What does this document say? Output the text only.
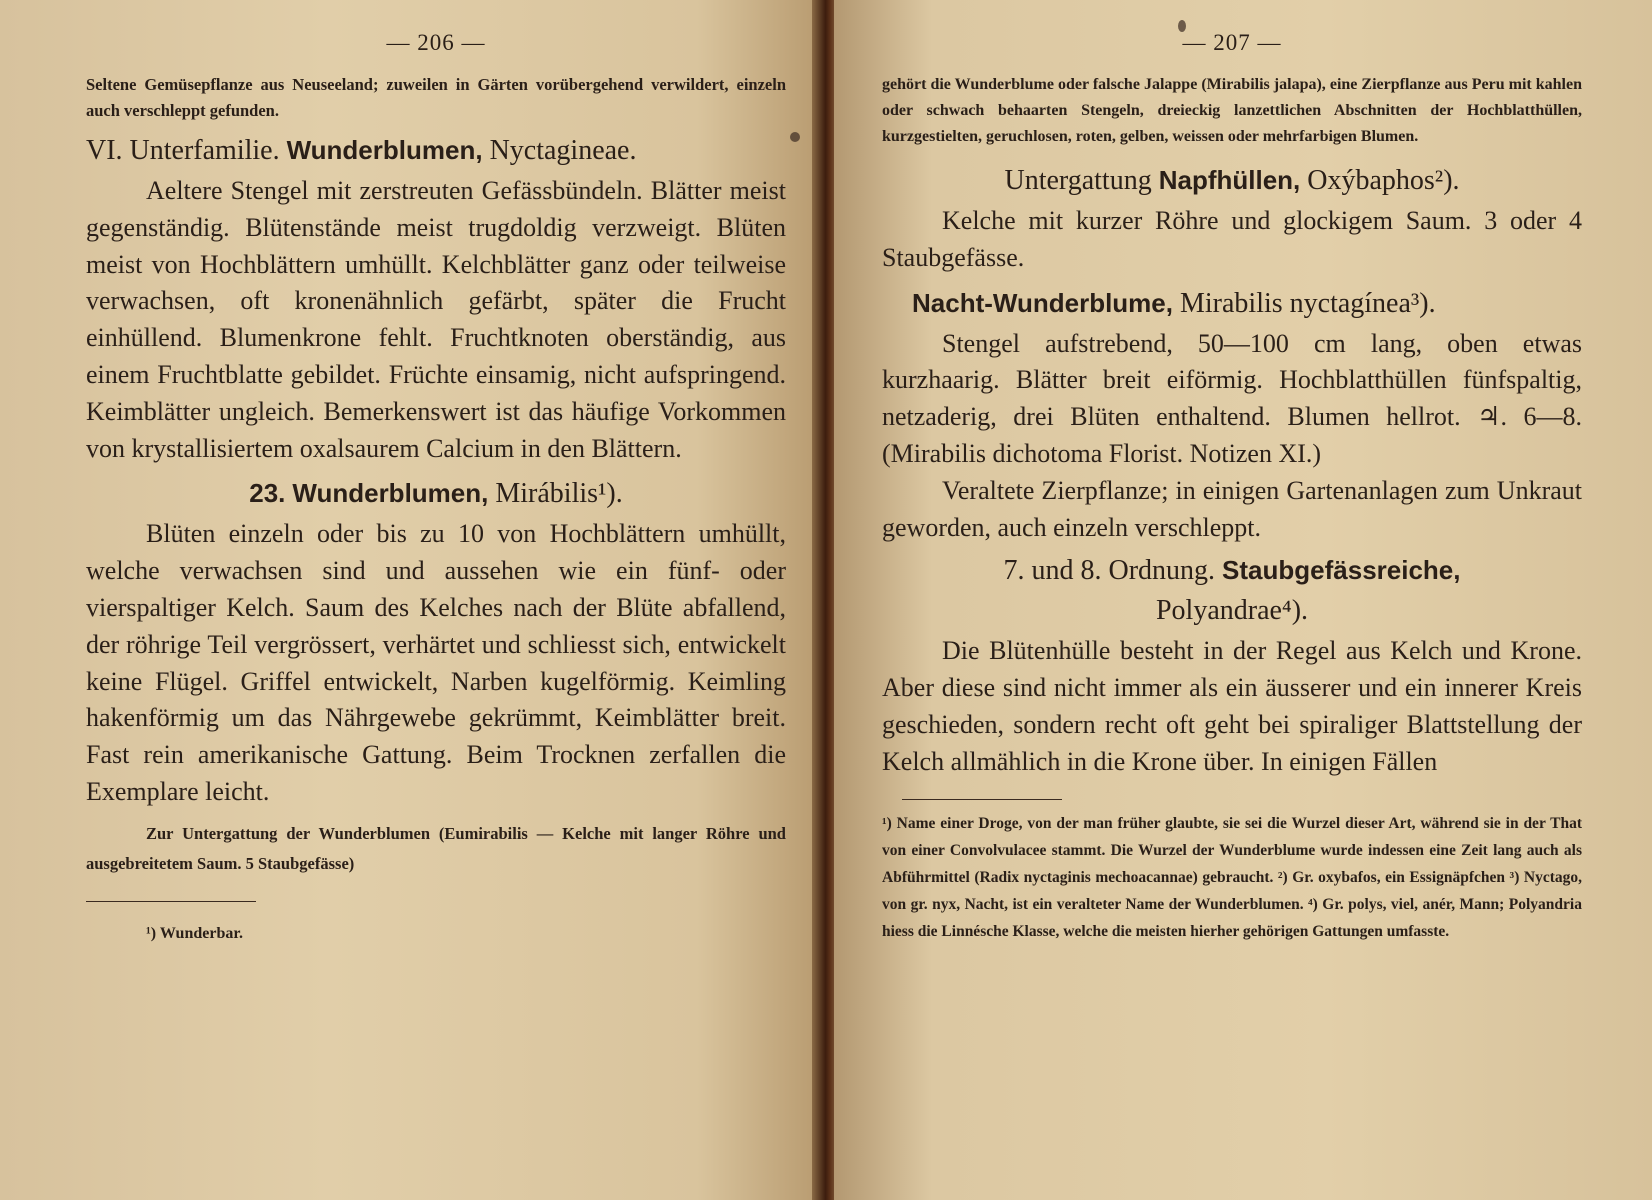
— 206 —

Seltene Gemüsepflanze aus Neuseeland; zuweilen in Gärten vorübergehend verwildert, einzeln auch verschleppt gefunden.

VI. Unterfamilie. Wunderblumen, Nyctagineae.

Aeltere Stengel mit zerstreuten Gefässbündeln. Blätter meist gegenständig. Blütenstände meist trugdoldig verzweigt. Blüten meist von Hochblättern umhüllt. Kelchblätter ganz oder teilweise verwachsen, oft kronenähnlich gefärbt, später die Frucht einhüllend. Blumenkrone fehlt. Fruchtknoten oberständig, aus einem Fruchtblatte gebildet. Früchte einsamig, nicht aufspringend. Keimblätter ungleich. Bemerkenswert ist das häufige Vorkommen von krystallisiertem oxalsaurem Calcium in den Blättern.

23. Wunderblumen, Mirábilis¹).

Blüten einzeln oder bis zu 10 von Hochblättern umhüllt, welche verwachsen sind und aussehen wie ein fünf- oder vierspaltiger Kelch. Saum des Kelches nach der Blüte abfallend, der röhrige Teil vergrössert, verhärtet und schliesst sich, entwickelt keine Flügel. Griffel entwickelt, Narben kugelförmig. Keimling hakenförmig um das Nährgewebe gekrümmt, Keimblätter breit. Fast rein amerikanische Gattung. Beim Trocknen zerfallen die Exemplare leicht.

Zur Untergattung der Wunderblumen (Eumirabilis — Kelche mit langer Röhre und ausgebreitetem Saum. 5 Staubgefässe)

¹) Wunderbar.

— 207 —

gehört die Wunderblume oder falsche Jalappe (Mirabilis jalapa), eine Zierpflanze aus Peru mit kahlen oder schwach behaarten Stengeln, dreieckig lanzettlichen Abschnitten der Hochblatthüllen, kurzgestielten, geruchlosen, roten, gelben, weissen oder mehrfarbigen Blumen.

Untergattung Napfhüllen, Oxýbaphos²).

Kelche mit kurzer Röhre und glockigem Saum. 3 oder 4 Staubgefässe.

Nacht-Wunderblume, Mirabilis nyctagínea³).

Stengel aufstrebend, 50—100 cm lang, oben etwas kurzhaarig. Blätter breit eiförmig. Hochblatthüllen fünfspaltig, netzaderig, drei Blüten enthaltend. Blumen hellrot. ♃. 6—8. (Mirabilis dichotoma Florist. Notizen XI.)

Veraltete Zierpflanze; in einigen Gartenanlagen zum Unkraut geworden, auch einzeln verschleppt.

7. und 8. Ordnung. Staubgefässreiche,
Polyandrae⁴).

Die Blütenhülle besteht in der Regel aus Kelch und Krone. Aber diese sind nicht immer als ein äusserer und ein innerer Kreis geschieden, sondern recht oft geht bei spiraliger Blattstellung der Kelch allmählich in die Krone über. In einigen Fällen

¹) Name einer Droge, von der man früher glaubte, sie sei die Wurzel dieser Art, während sie in der That von einer Convolvulacee stammt. Die Wurzel der Wunderblume wurde indessen eine Zeit lang auch als Abführmittel (Radix nyctaginis mechoacannae) gebraucht. ²) Gr. oxybafos, ein Essignäpfchen ³) Nyctago, von gr. nyx, Nacht, ist ein veralteter Name der Wunderblumen. ⁴) Gr. polys, viel, anér, Mann; Polyandria hiess die Linnésche Klasse, welche die meisten hierher gehörigen Gattungen umfasste.
